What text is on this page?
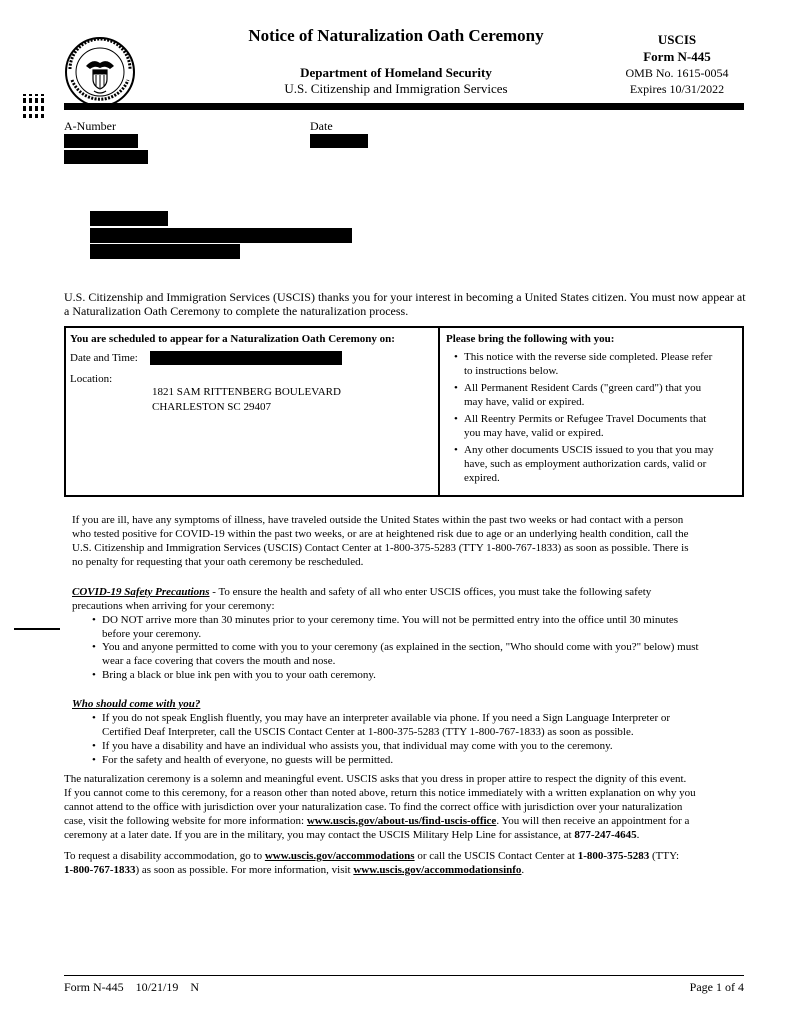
Notice of Naturalization Oath Ceremony
Department of Homeland Security
U.S. Citizenship and Immigration Services
USCIS
Form N-445
OMB No. 1615-0054
Expires 10/31/2022
A-Number	Date
U.S. Citizenship and Immigration Services (USCIS) thanks you for your interest in becoming a United States citizen. You must now appear at a Naturalization Oath Ceremony to complete the naturalization process.
You are scheduled to appear for a Naturalization Oath Ceremony on:
Date and Time:
Location:
1821 SAM RITTENBERG BOULEVARD
CHARLESTON SC 29407
Please bring the following with you:
• This notice with the reverse side completed. Please refer
to instructions below.
• All Permanent Resident Cards ("green card") that you
may have, valid or expired.
• All Reentry Permits or Refugee Travel Documents that
you may have, valid or expired.
• Any other documents USCIS issued to you that you may
have, such as employment authorization cards, valid or
expired.
If you are ill, have any symptoms of illness, have traveled outside the United States within the past two weeks or had contact with a person
who tested positive for COVID-19 within the past two weeks, or are at heightened risk due to age or an underlying health condition, call the
U.S. Citizenship and Immigration Services (USCIS) Contact Center at 1-800-375-5283 (TTY 1-800-767-1833) as soon as possible. There is
no penalty for requesting that your oath ceremony be rescheduled.
COVID-19 Safety Precautions - To ensure the health and safety of all who enter USCIS offices, you must take the following safety
precautions when arriving for your ceremony:
• DO NOT arrive more than 30 minutes prior to your ceremony time. You will not be permitted entry into the office until 30 minutes
before your ceremony.
• You and anyone permitted to come with you to your ceremony (as explained in the section, "Who should come with you?" below) must
wear a face covering that covers the mouth and nose.
• Bring a black or blue ink pen with you to your oath ceremony.
Who should come with you?
• If you do not speak English fluently, you may have an interpreter available via phone. If you need a Sign Language Interpreter or
Certified Deaf Interpreter, call the USCIS Contact Center at 1-800-375-5283 (TTY 1-800-767-1833) as soon as possible.
• If you have a disability and have an individual who assists you, that individual may come with you to the ceremony.
• For the safety and health of everyone, no guests will be permitted.
The naturalization ceremony is a solemn and meaningful event. USCIS asks that you dress in proper attire to respect the dignity of this event.
If you cannot come to this ceremony, for a reason other than noted above, return this notice immediately with a written explanation on why you
cannot attend to the office with jurisdiction over your naturalization case. To find the correct office with jurisdiction over your naturalization
case, visit the following website for more information: www.uscis.gov/about-us/find-uscis-office. You will then receive an appointment for a
ceremony at a later date. If you are in the military, you may contact the USCIS Military Help Line for assistance, at 877-247-4645.
To request a disability accommodation, go to www.uscis.gov/accommodations or call the USCIS Contact Center at 1-800-375-5283 (TTY:
1-800-767-1833) as soon as possible. For more information, visit www.uscis.gov/accommodationsinfo.
Form N-445    10/21/19    N	Page 1 of 4
